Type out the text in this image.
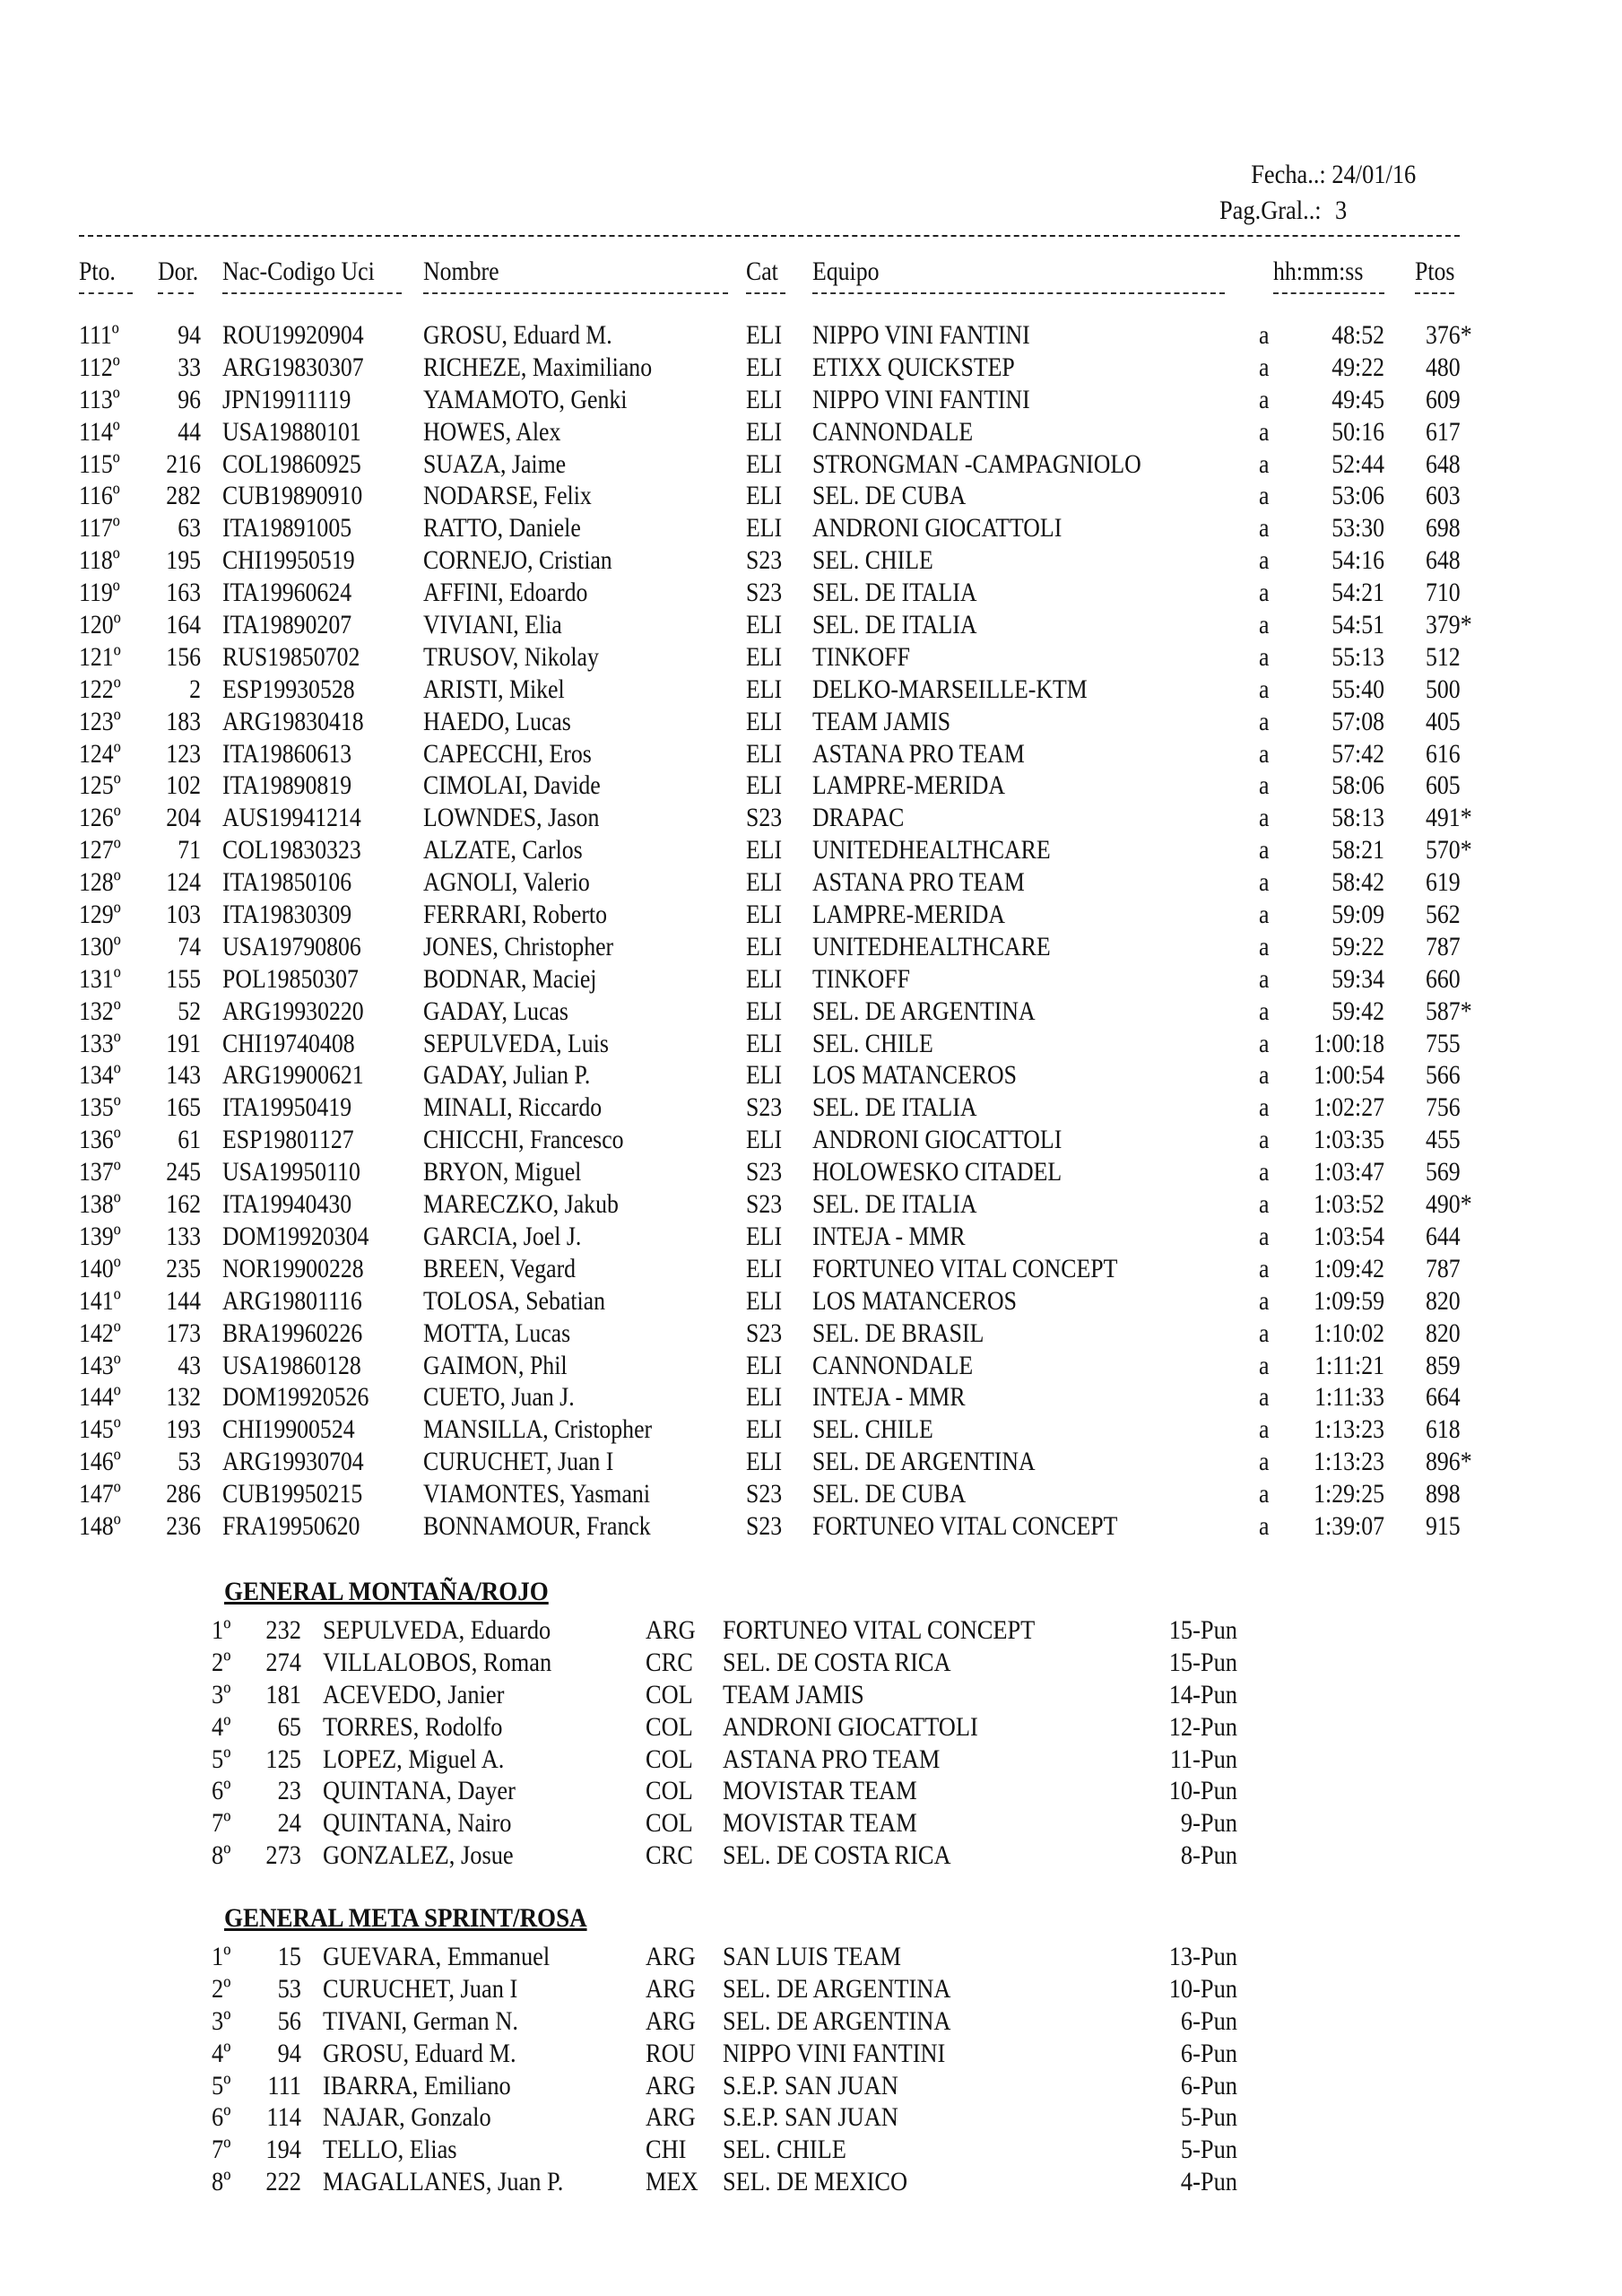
Fecha..: 24/01/16
Pag.Gral..: 3
Pto. Dor. Nac-Codigo Uci Nombre	Cat Equipo	hh:mm:ss Ptos
111º	94 ROU19920904 GROSU, Eduard M.	ELI NIPPO VINI FANTINI	a	48:52 376*
112º	33 ARG19830307 RICHEZE, Maximiliano	ELI ETIXX QUICKSTEP	a	49:22 480
113º	96 JPN19911119	YAMAMOTO, Genki	ELI NIPPO VINI FANTINI	a	49:45 609
114º	44 USA19880101 HOWES, Alex	ELI CANNONDALE	a	50:16 617
115º	216 COL19860925 SUAZA, Jaime	ELI STRONGMAN -CAMPAGNIOLO	a	52:44 648
116º	282 CUB19890910 NODARSE, Felix	ELI SEL. DE CUBA	a	53:06 603
117º	63 ITA19891005	RATTO, Daniele	ELI ANDRONI GIOCATTOLI	a	53:30 698
118º	195 CHI19950519	CORNEJO, Cristian	S23 SEL. CHILE	a	54:16 648
119º	163 ITA19960624	AFFINI, Edoardo	S23 SEL. DE ITALIA	a	54:21 710
120º	164 ITA19890207	VIVIANI, Elia	ELI SEL. DE ITALIA	a	54:51 379*
121º	156 RUS19850702 TRUSOV, Nikolay	ELI TINKOFF	a	55:13 512
122º	2 ESP19930528	ARISTI, Mikel	ELI DELKO-MARSEILLE-KTM	a	55:40 500
123º	183 ARG19830418 HAEDO, Lucas	ELI TEAM JAMIS	a	57:08 405
124º	123 ITA19860613	CAPECCHI, Eros	ELI ASTANA PRO TEAM	a	57:42 616
125º	102 ITA19890819	CIMOLAI, Davide	ELI LAMPRE-MERIDA	a	58:06 605
126º	204 AUS19941214 LOWNDES, Jason	S23 DRAPAC	a	58:13 491*
127º	71 COL19830323 ALZATE, Carlos	ELI UNITEDHEALTHCARE	a	58:21 570*
128º	124 ITA19850106	AGNOLI, Valerio	ELI ASTANA PRO TEAM	a	58:42 619
129º	103 ITA19830309	FERRARI, Roberto	ELI LAMPRE-MERIDA	a	59:09 562
130º	74 USA19790806 JONES, Christopher	ELI UNITEDHEALTHCARE	a	59:22 787
131º	155 POL19850307 BODNAR, Maciej	ELI TINKOFF	a	59:34 660
132º	52 ARG19930220 GADAY, Lucas	ELI SEL. DE ARGENTINA	a	59:42 587*
133º	191 CHI19740408	SEPULVEDA, Luis	ELI SEL. CHILE	a	1:00:18 755
134º	143 ARG19900621 GADAY, Julian P.	ELI LOS MATANCEROS	a	1:00:54 566
135º	165 ITA19950419	MINALI, Riccardo	S23 SEL. DE ITALIA	a	1:02:27 756
136º	61 ESP19801127	CHICCHI, Francesco	ELI ANDRONI GIOCATTOLI	a	1:03:35 455
137º	245 USA19950110 BRYON, Miguel	S23 HOLOWESKO CITADEL	a	1:03:47 569
138º	162 ITA19940430	MARECZKO, Jakub	S23 SEL. DE ITALIA	a	1:03:52 490*
139º	133 DOM19920304 GARCIA, Joel J.	ELI INTEJA - MMR	a	1:03:54 644
140º	235 NOR19900228 BREEN, Vegard	ELI FORTUNEO VITAL CONCEPT	a	1:09:42 787
141º	144 ARG19801116 TOLOSA, Sebatian	ELI LOS MATANCEROS	a	1:09:59 820
142º	173 BRA19960226 MOTTA, Lucas	S23 SEL. DE BRASIL	a	1:10:02 820
143º	43 USA19860128 GAIMON, Phil	ELI CANNONDALE	a	1:11:21 859
144º	132 DOM19920526 CUETO, Juan J.	ELI INTEJA - MMR	a	1:11:33 664
145º	193 CHI19900524	MANSILLA, Cristopher	ELI SEL. CHILE	a	1:13:23 618
146º	53 ARG19930704 CURUCHET, Juan I	ELI SEL. DE ARGENTINA	a	1:13:23 896*
147º	286 CUB19950215 VIAMONTES, Yasmani	S23 SEL. DE CUBA	a	1:29:25 898
148º	236 FRA19950620 BONNAMOUR, Franck	S23 FORTUNEO VITAL CONCEPT	a	1:39:07 915
GENERAL MONTAÑA/ROJO
1º	232 SEPULVEDA, Eduardo	ARG FORTUNEO VITAL CONCEPT	15-Pun
2º	274 VILLALOBOS, Roman	CRC SEL. DE COSTA RICA	15-Pun
3º	181 ACEVEDO, Janier	COL TEAM JAMIS	14-Pun
4º	65 TORRES, Rodolfo	COL ANDRONI GIOCATTOLI	12-Pun
5º	125 LOPEZ, Miguel A.	COL ASTANA PRO TEAM	11-Pun
6º	23 QUINTANA, Dayer	COL MOVISTAR TEAM	10-Pun
7º	24 QUINTANA, Nairo	COL MOVISTAR TEAM	9-Pun
8º	273 GONZALEZ, Josue	CRC SEL. DE COSTA RICA	8-Pun
GENERAL META SPRINT/ROSA
1º	15 GUEVARA, Emmanuel	ARG SAN LUIS TEAM	13-Pun
2º	53 CURUCHET, Juan I	ARG SEL. DE ARGENTINA	10-Pun
3º	56 TIVANI, German N.	ARG SEL. DE ARGENTINA	6-Pun
4º	94 GROSU, Eduard M.	ROU NIPPO VINI FANTINI	6-Pun
5º	111 IBARRA, Emiliano	ARG S.E.P. SAN JUAN	6-Pun
6º	114 NAJAR, Gonzalo	ARG S.E.P. SAN JUAN	5-Pun
7º	194 TELLO, Elias	CHI SEL. CHILE	5-Pun
8º	222 MAGALLANES, Juan P.	MEX SEL. DE MEXICO	4-Pun
